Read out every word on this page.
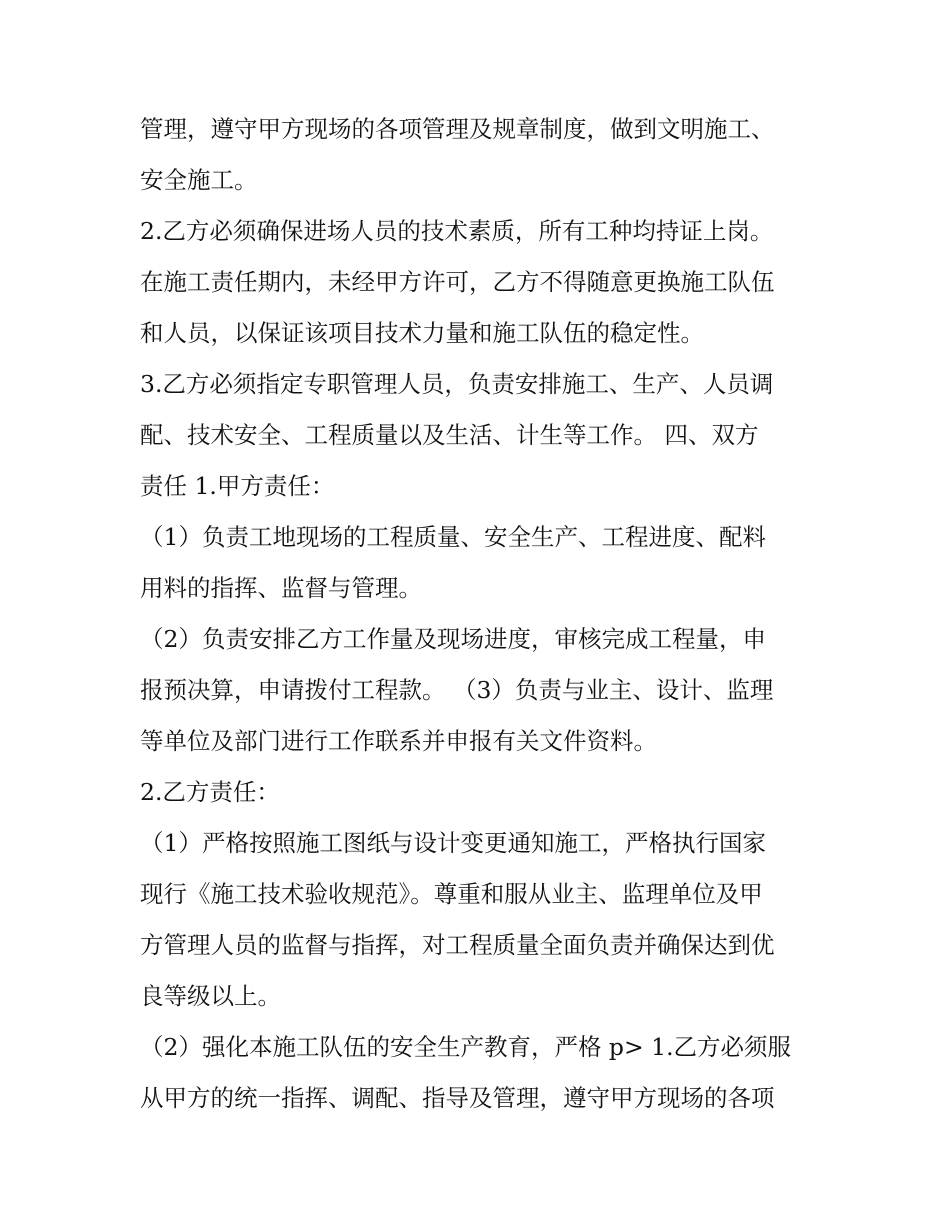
管理，遵守甲方现场的各项管理及规章制度，做到文明施工、
安全施工。
2.乙方必须确保进场人员的技术素质，所有工种均持证上岗。
在施工责任期内，未经甲方许可，乙方不得随意更换施工队伍
和人员，以保证该项目技术力量和施工队伍的稳定性。
3.乙方必须指定专职管理人员，负责安排施工、生产、人员调
配、技术安全、工程质量以及生活、计生等工作。 四、双方
责任 1.甲方责任：
（1）负责工地现场的工程质量、安全生产、工程进度、配料
用料的指挥、监督与管理。
（2）负责安排乙方工作量及现场进度，审核完成工程量，申
报预决算，申请拨付工程款。 （3）负责与业主、设计、监理
等单位及部门进行工作联系并申报有关文件资料。
2.乙方责任：
（1）严格按照施工图纸与设计变更通知施工，严格执行国家
现行《施工技术验收规范》。尊重和服从业主、监理单位及甲
方管理人员的监督与指挥，对工程质量全面负责并确保达到优
良等级以上。
（2）强化本施工队伍的安全生产教育，严格 p> 1.乙方必须服
从甲方的统一指挥、调配、指导及管理，遵守甲方现场的各项
